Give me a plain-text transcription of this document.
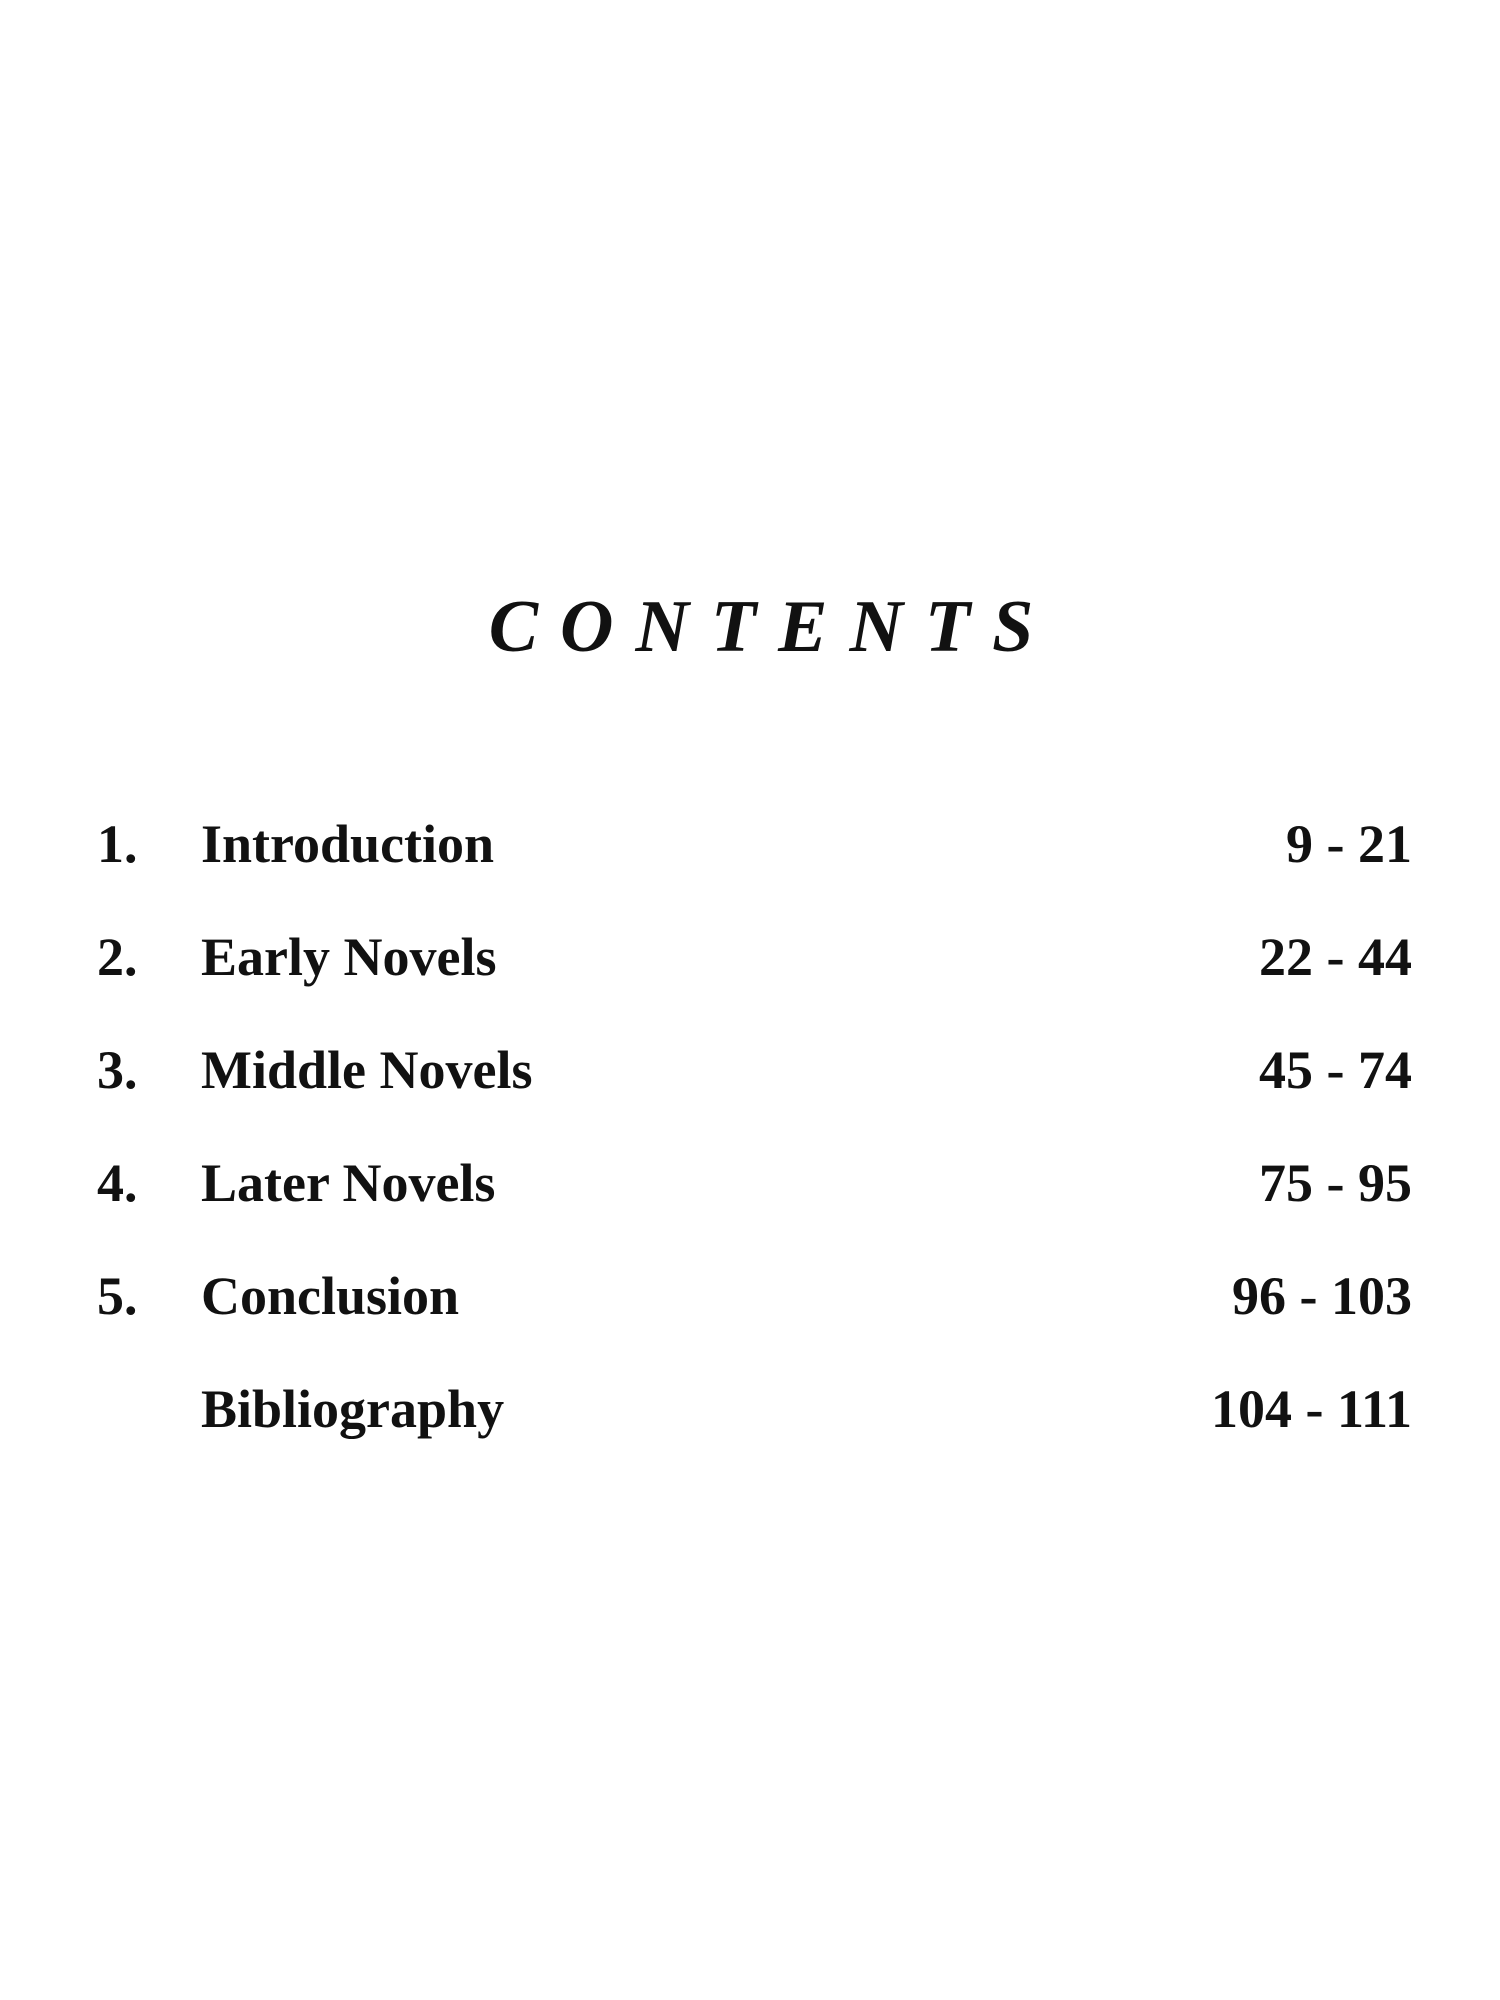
CONTENTS
1. Introduction	9 - 21
2. Early Novels	22 - 44
3. Middle Novels	45 - 74
4. Later Novels	75 - 95
5. Conclusion	96 - 103
Bibliography	104 - 111
